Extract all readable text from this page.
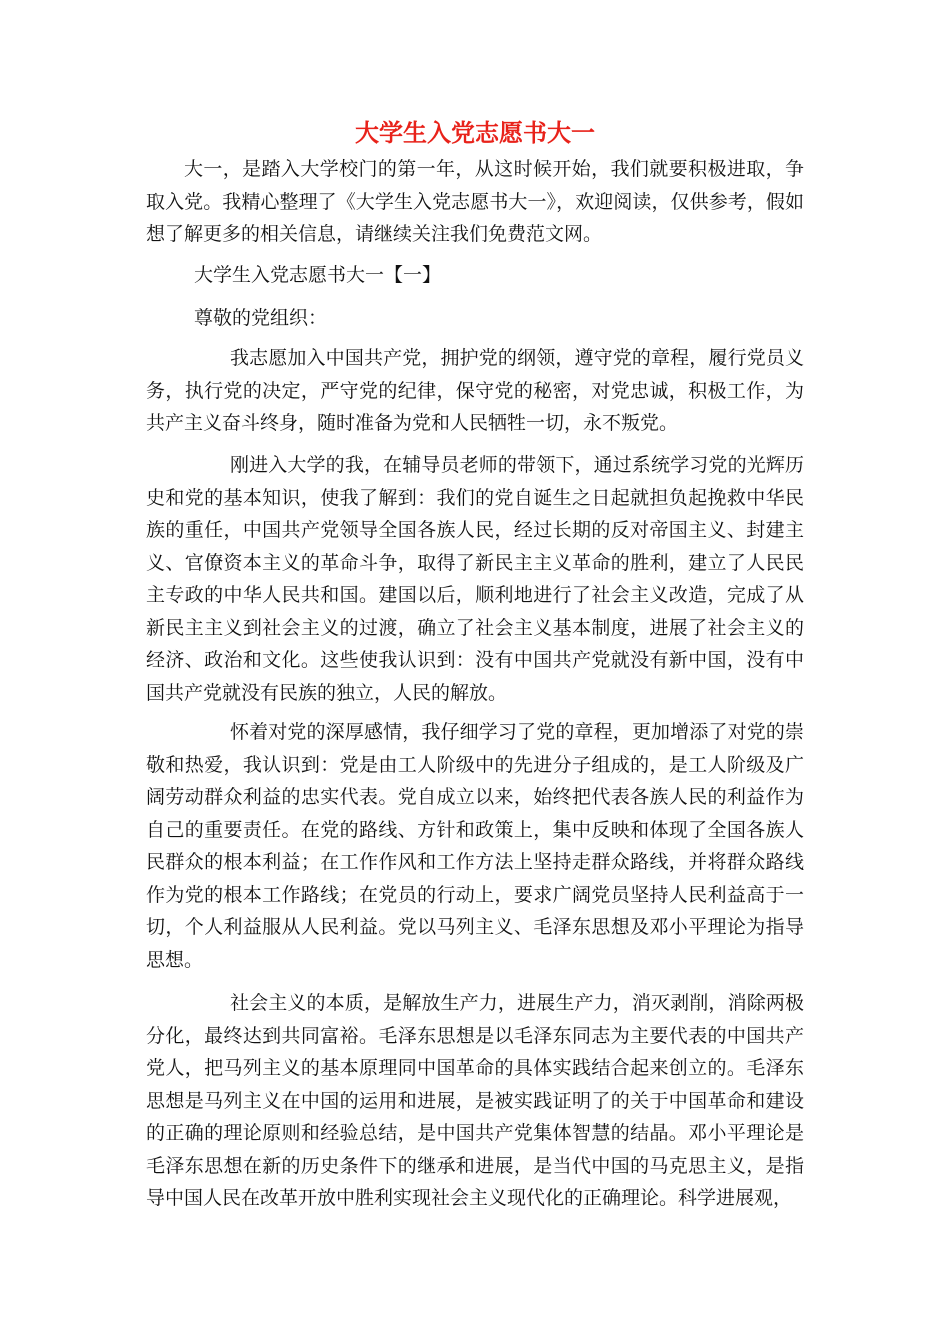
大学生入党志愿书大一

大一，是踏入大学校门的第一年，从这时候开始，我们就要积极进取，争取入党。我精心整理了《大学生入党志愿书大一》，欢迎阅读，仅供参考，假如想了解更多的相关信息，请继续关注我们免费范文网。

大学生入党志愿书大一【一】

尊敬的党组织：

我志愿加入中国共产党，拥护党的纲领，遵守党的章程，履行党员义务，执行党的决定，严守党的纪律，保守党的秘密，对党忠诚，积极工作，为共产主义奋斗终身，随时准备为党和人民牺牲一切，永不叛党。

刚进入大学的我，在辅导员老师的带领下，通过系统学习党的光辉历史和党的基本知识，使我了解到：我们的党自诞生之日起就担负起挽救中华民族的重任，中国共产党领导全国各族人民，经过长期的反对帝国主义、封建主义、官僚资本主义的革命斗争，取得了新民主主义革命的胜利，建立了人民民主专政的中华人民共和国。建国以后，顺利地进行了社会主义改造，完成了从新民主主义到社会主义的过渡，确立了社会主义基本制度，进展了社会主义的经济、政治和文化。这些使我认识到：没有中国共产党就没有新中国，没有中国共产党就没有民族的独立，人民的解放。

怀着对党的深厚感情，我仔细学习了党的章程，更加增添了对党的崇敬和热爱，我认识到：党是由工人阶级中的先进分子组成的，是工人阶级及广阔劳动群众利益的忠实代表。党自成立以来，始终把代表各族人民的利益作为自己的重要责任。在党的路线、方针和政策上，集中反映和体现了全国各族人民群众的根本利益；在工作作风和工作方法上坚持走群众路线，并将群众路线作为党的根本工作路线；在党员的行动上，要求广阔党员坚持人民利益高于一切，个人利益服从人民利益。党以马列主义、毛泽东思想及邓小平理论为指导思想。

社会主义的本质，是解放生产力，进展生产力，消灭剥削，消除两极分化，最终达到共同富裕。毛泽东思想是以毛泽东同志为主要代表的中国共产党人，把马列主义的基本原理同中国革命的具体实践结合起来创立的。毛泽东思想是马列主义在中国的运用和进展，是被实践证明了的关于中国革命和建设的正确的理论原则和经验总结，是中国共产党集体智慧的结晶。邓小平理论是毛泽东思想在新的历史条件下的继承和进展，是当代中国的马克思主义，是指导中国人民在改革开放中胜利实现社会主义现代化的正确理论。科学进展观，
